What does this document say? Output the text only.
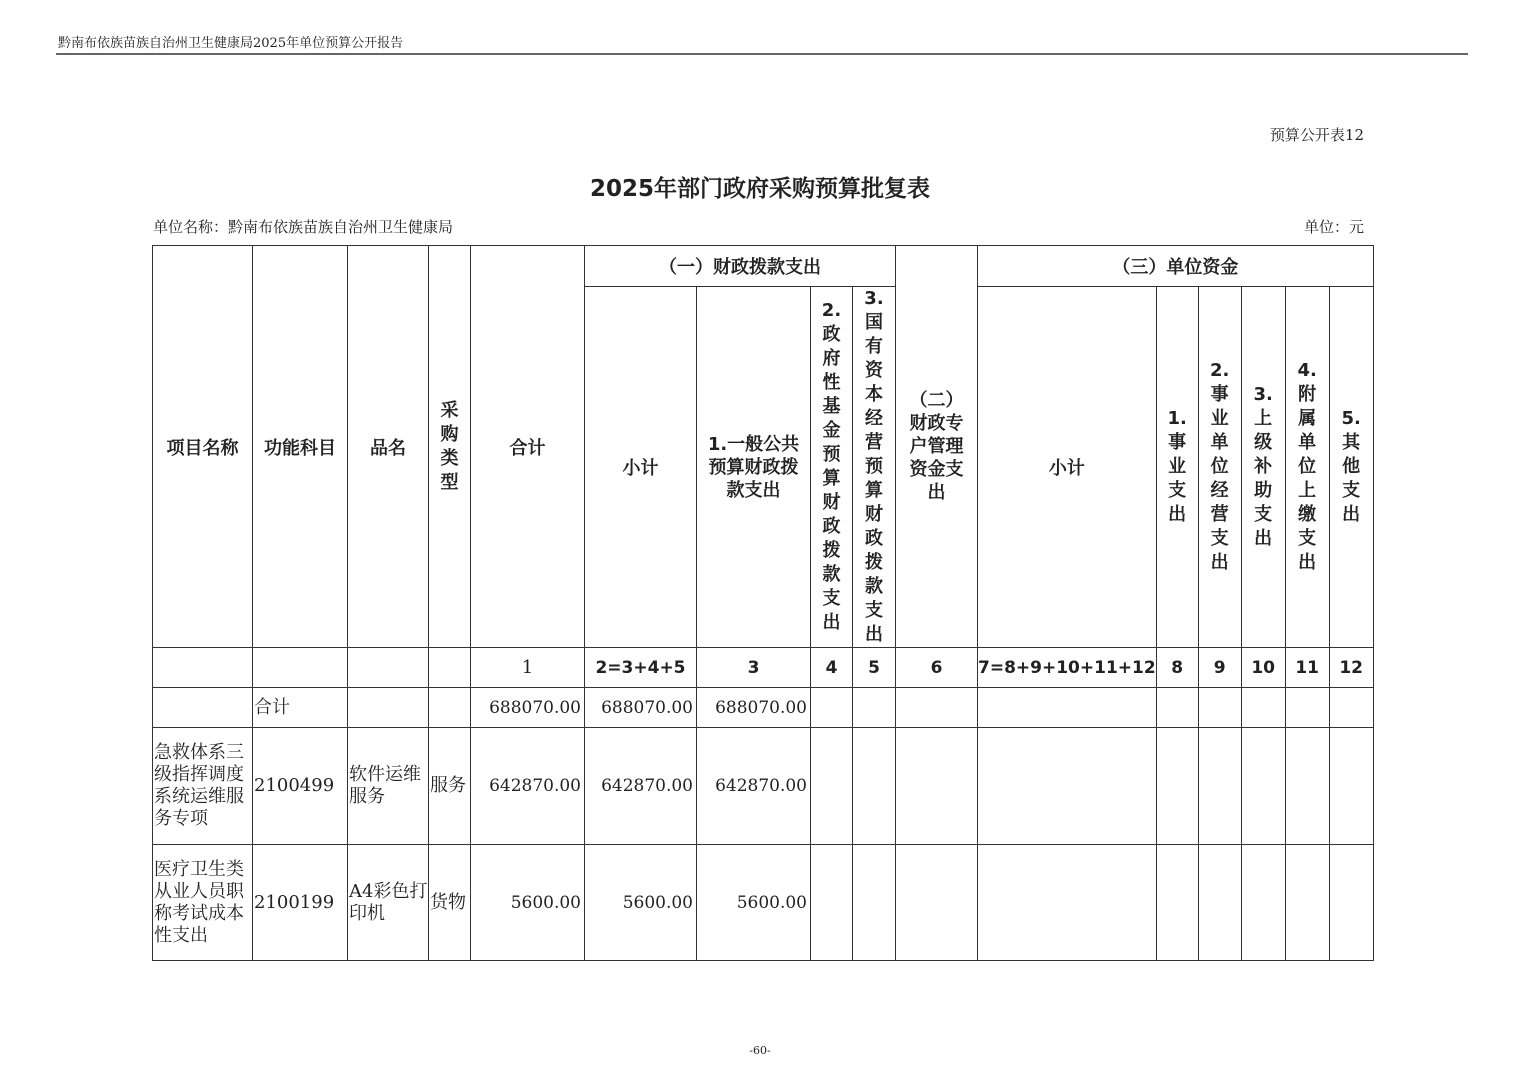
黔南布依族苗族自治州卫生健康局2025年单位预算公开报告
预算公开表12
2025年部门政府采购预算批复表
单位名称：黔南布依族苗族自治州卫生健康局	单位：元
项目名称	功能科目	品名	采购类型	合计	（一）财政拨款支出				（二）财政专户管理资金支出	（三）单位资金					
					小计	1.一般公共预算财政拨款支出	2.政府性基金预算财政拨款支出	3.国有资本经营预算财政拨款支出		小计	1.事业支出	2.事业单位经营支出	3.上级补助支出	4.附属单位上缴支出	5.其他支出
				1	2=3+4+5	3	4	5	6	7=8+9+10+11+12	8	9	10	11	12
	合计			688070.00	688070.00	688070.00									
急救体系三级指挥调度系统运维服务专项	2100499	软件运维服务	服务	642870.00	642870.00	642870.00									
医疗卫生类从业人员职称考试成本性支出	2100199	A4彩色打印机	货物	5600.00	5600.00	5600.00									
-60-
